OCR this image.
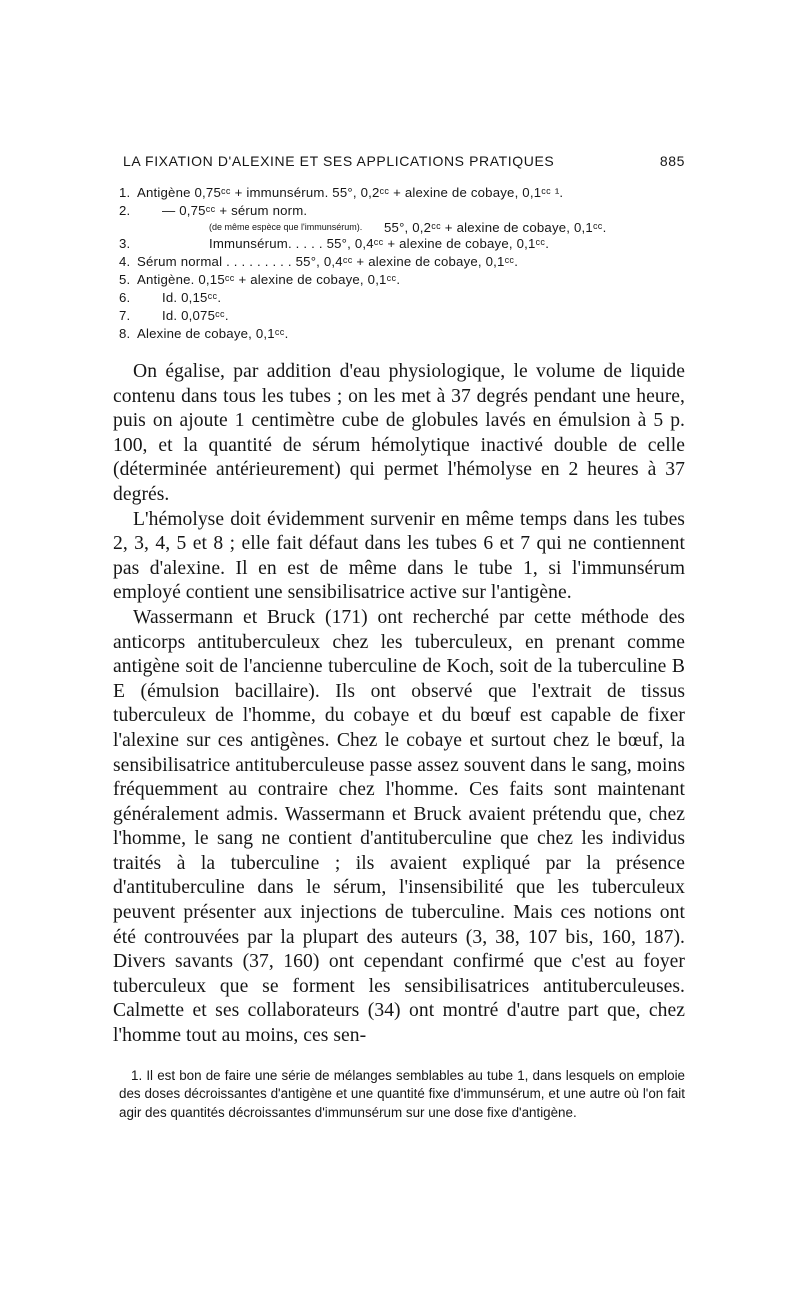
LA FIXATION D'ALEXINE ET SES APPLICATIONS PRATIQUES	885
1. Antigène 0,75ᶜᶜ + immunsérum. 55°, 0,2ᶜᶜ + alexine de cobaye, 0,1ᶜᶜ ¹.
2. — 0,75ᶜᶜ + sérum norm.
(de même espèce que l'immunsérum). 55°, 0,2ᶜᶜ + alexine de cobaye, 0,1ᶜᶜ.
3.	Immunsérum. . . . . 55°, 0,4ᶜᶜ + alexine de cobaye, 0,1ᶜᶜ.
4. Sérum normal . . . . . . . . . 55°, 0,4ᶜᶜ + alexine de cobaye, 0,1ᶜᶜ.
5. Antigène. 0,15ᶜᶜ + alexine de cobaye, 0,1ᶜᶜ.
6. Id. 0,15ᶜᶜ.
7. Id. 0,075ᶜᶜ.
8. Alexine de cobaye, 0,1ᶜᶜ.

On égalise, par addition d'eau physiologique, le volume de liquide contenu dans tous les tubes ; on les met à 37 degrés pendant une heure, puis on ajoute 1 centimètre cube de globules lavés en émulsion à 5 p. 100, et la quantité de sérum hémolytique inactivé double de celle (déterminée antérieurement) qui permet l'hémolyse en 2 heures à 37 degrés.

L'hémolyse doit évidemment survenir en même temps dans les tubes 2, 3, 4, 5 et 8 ; elle fait défaut dans les tubes 6 et 7 qui ne contiennent pas d'alexine. Il en est de même dans le tube 1, si l'immunsérum employé contient une sensibilisatrice active sur l'antigène.

Wassermann et Bruck (171) ont recherché par cette méthode des anticorps antituberculeux chez les tuberculeux, en prenant comme antigène soit de l'ancienne tuberculine de Koch, soit de la tuberculine B E (émulsion bacillaire). Ils ont observé que l'extrait de tissus tuberculeux de l'homme, du cobaye et du bœuf est capable de fixer l'alexine sur ces antigènes. Chez le cobaye et surtout chez le bœuf, la sensibilisatrice antituberculeuse passe assez souvent dans le sang, moins fréquemment au contraire chez l'homme. Ces faits sont maintenant généralement admis. Wassermann et Bruck avaient prétendu que, chez l'homme, le sang ne contient d'antituberculine que chez les individus traités à la tuberculine ; ils avaient expliqué par la présence d'antituberculine dans le sérum, l'insensibilité que les tuberculeux peuvent présenter aux injections de tuberculine. Mais ces notions ont été controuvées par la plupart des auteurs (3, 38, 107 bis, 160, 187). Divers savants (37, 160) ont cependant confirmé que c'est au foyer tuberculeux que se forment les sensibilisatrices antituberculeuses. Calmette et ses collaborateurs (34) ont montré d'autre part que, chez l'homme tout au moins, ces sen-

1. Il est bon de faire une série de mélanges semblables au tube 1, dans lesquels on emploie des doses décroissantes d'antigène et une quantité fixe d'immunsérum, et une autre où l'on fait agir des quantités décroissantes d'immunsérum sur une dose fixe d'antigène.
